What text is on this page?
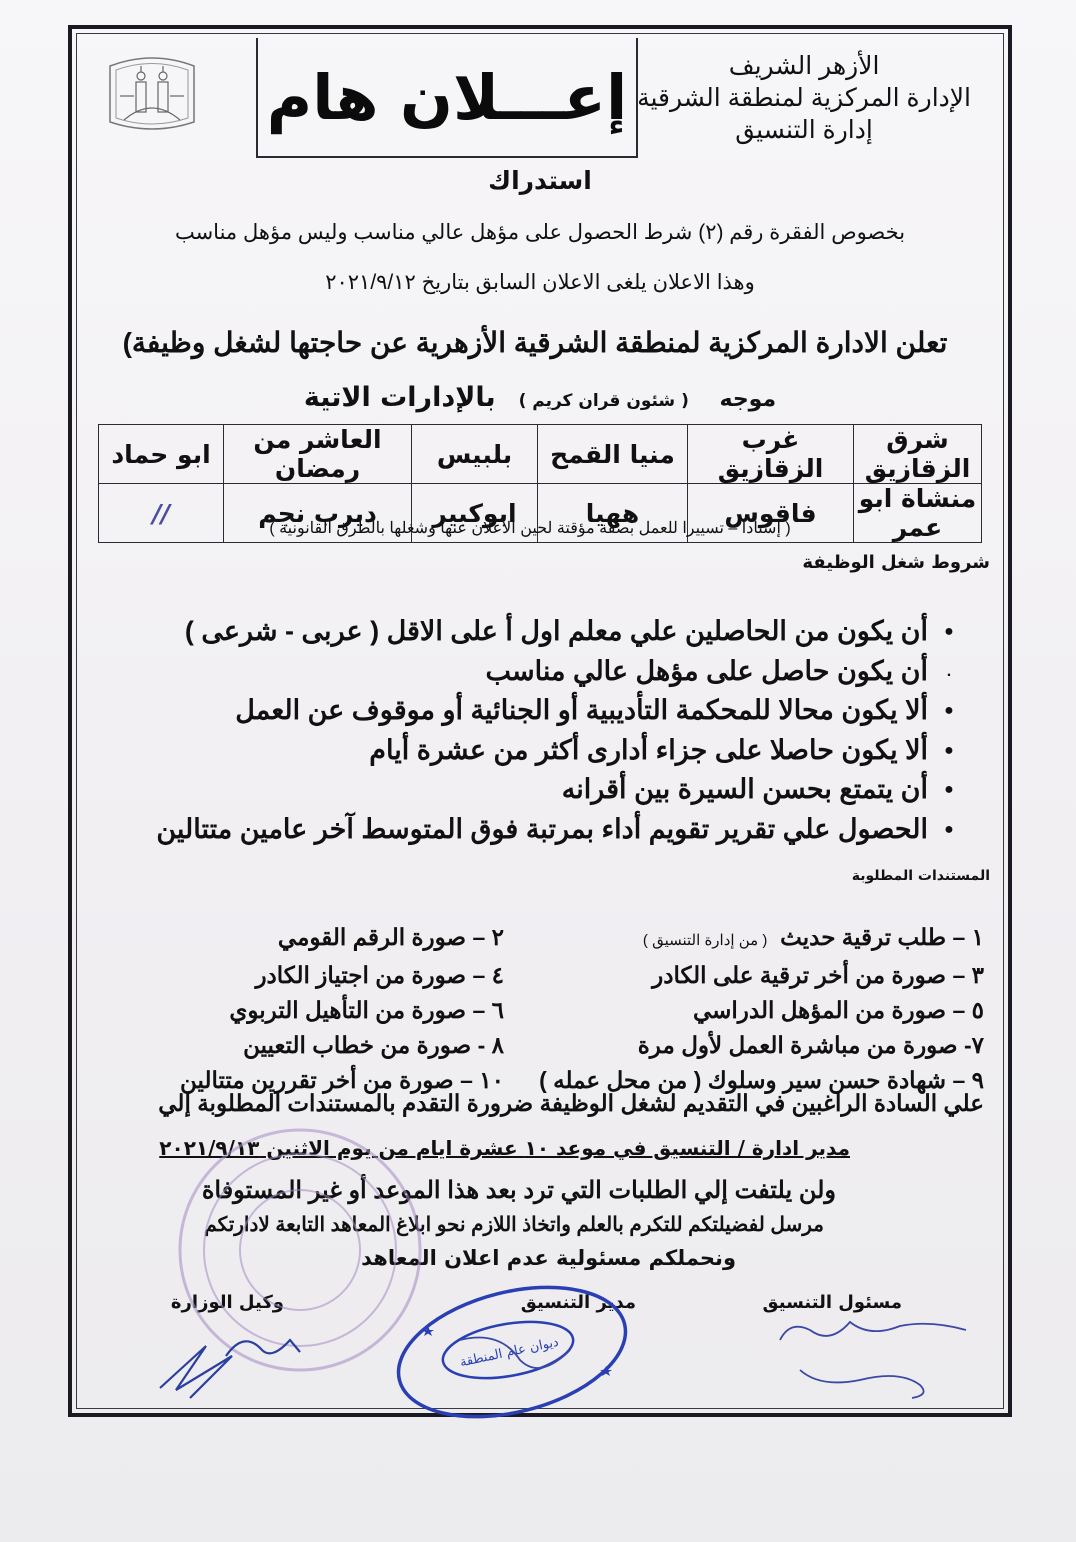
إعـــلان هام	الأزهر الشريف
الإدارة المركزية لمنطقة الشرقية
إدارة التنسيق
استدراك
بخصوص الفقرة رقم (٢) شرط الحصول على مؤهل عالي مناسب وليس مؤهل مناسب
وهذا الاعلان يلغى الاعلان السابق بتاريخ ٢٠٢١/٩/١٢
تعلن الادارة المركزية لمنطقة الشرقية الأزهرية عن حاجتها لشغل وظيفة)
موجه    ( شئون قران كريم )   بالإدارات الاتية
شرق الزقازيق	غرب الزقازيق	منيا القمح	بلبيس	العاشر من رمضان	ابو حماد
منشاة ابو عمر	فاقوس	ههيا	ابوكبير	ديرب نجم	//
( إسنادا – تسييرا للعمل بصفة مؤقتة لحين الاعلان عنها وشغلها بالطرق القانونية )
شروط شغل الوظيفة
●
أن يكون من الحاصلين علي معلم اول أ على الاقل ( عربى - شرعى )
.
أن يكون حاصل على مؤهل عالي مناسب
●
ألا يكون محالا للمحكمة التأديبية أو الجنائية أو موقوف عن العمل
●
ألا يكون حاصلا على جزاء أدارى أكثر من عشرة أيام
●
أن يتمتع بحسن السيرة بين أقرانه
●
الحصول علي تقرير تقويم أداء بمرتبة فوق المتوسط آخر عامين متتالين
المستندات المطلوبة
١ – طلب ترقية حديث  ( من إدارة التنسيق )
٢ – صورة الرقم القومي
٣ – صورة من أخر ترقية على الكادر
٤ – صورة من اجتياز الكادر
٥ – صورة من المؤهل الدراسي
٦ – صورة من التأهيل التربوي
٧- صورة من مباشرة العمل لأول مرة
٨ - صورة من خطاب التعيين
٩ – شهادة حسن سير وسلوك ( من محل عمله )
١٠ – صورة من أخر تقررين متتالين
علي السادة الراغبين في التقديم لشغل الوظيفة ضرورة التقدم بالمستندات المطلوبة إلي
مدير ادارة / التنسيق في موعد ١٠ عشرة ايام من يوم الاثنين ٢٠٢١/٩/١٣
ولن يلتفت إلي الطلبات التي ترد بعد هذا الموعد أو غير المستوفاة
مرسل لفضيلتكم للتكرم بالعلم واتخاذ اللازم نحو ابلاغ المعاهد التابعة لادارتكم
ونحملكم مسئولية عدم اعلان المعاهد
مسئول التنسيق
مدير التنسيق
وكيل الوزارة
ديوان عام المنطقة
